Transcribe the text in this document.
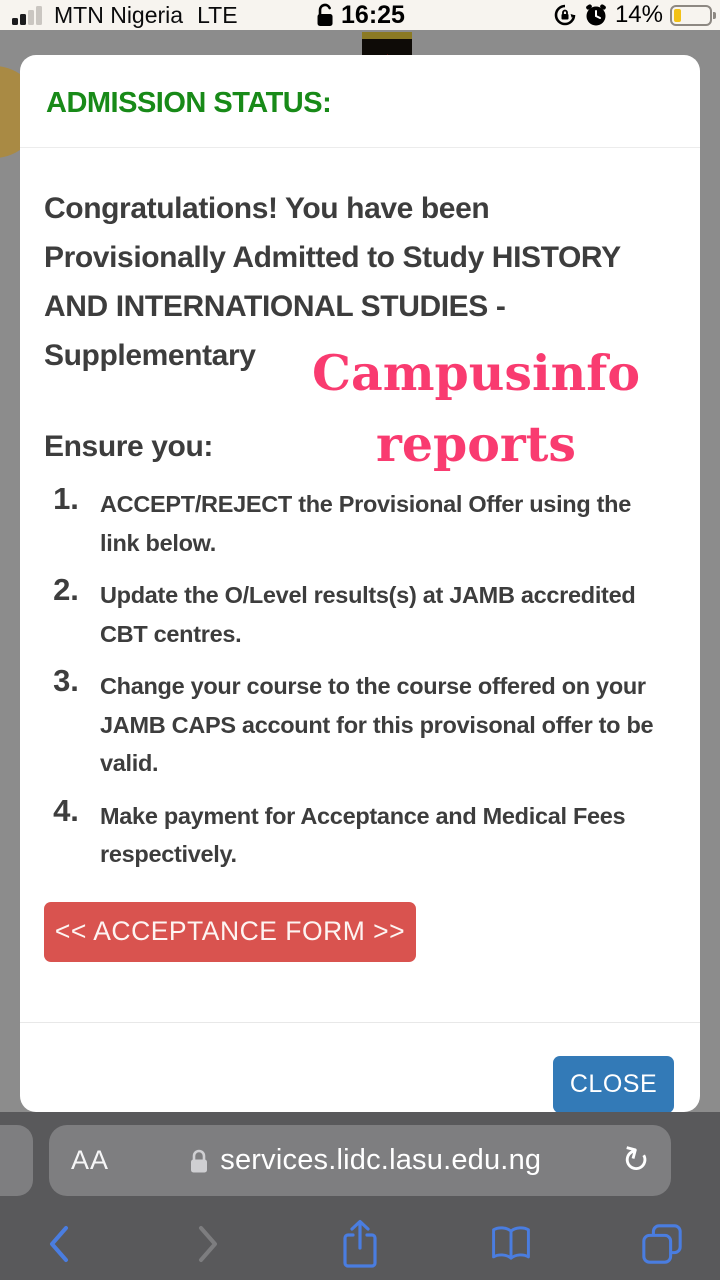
MTN Nigeria LTE	16:25	14%
ADMISSION STATUS:

Congratulations! You have been Provisionally Admitted to Study HISTORY AND INTERNATIONAL STUDIES - Supplementary	Campusinfo
reports
Ensure you:
1. ACCEPT/REJECT the Provisional Offer using the link below.
2. Update the O/Level results(s) at JAMB accredited CBT centres.
3. Change your course to the course offered on your JAMB CAPS account for this provisonal offer to be valid.
4. Make payment for Acceptance and Medical Fees respectively.
<< ACCEPTANCE FORM >>
CLOSE
AA	services.lidc.lasu.edu.ng ↻
